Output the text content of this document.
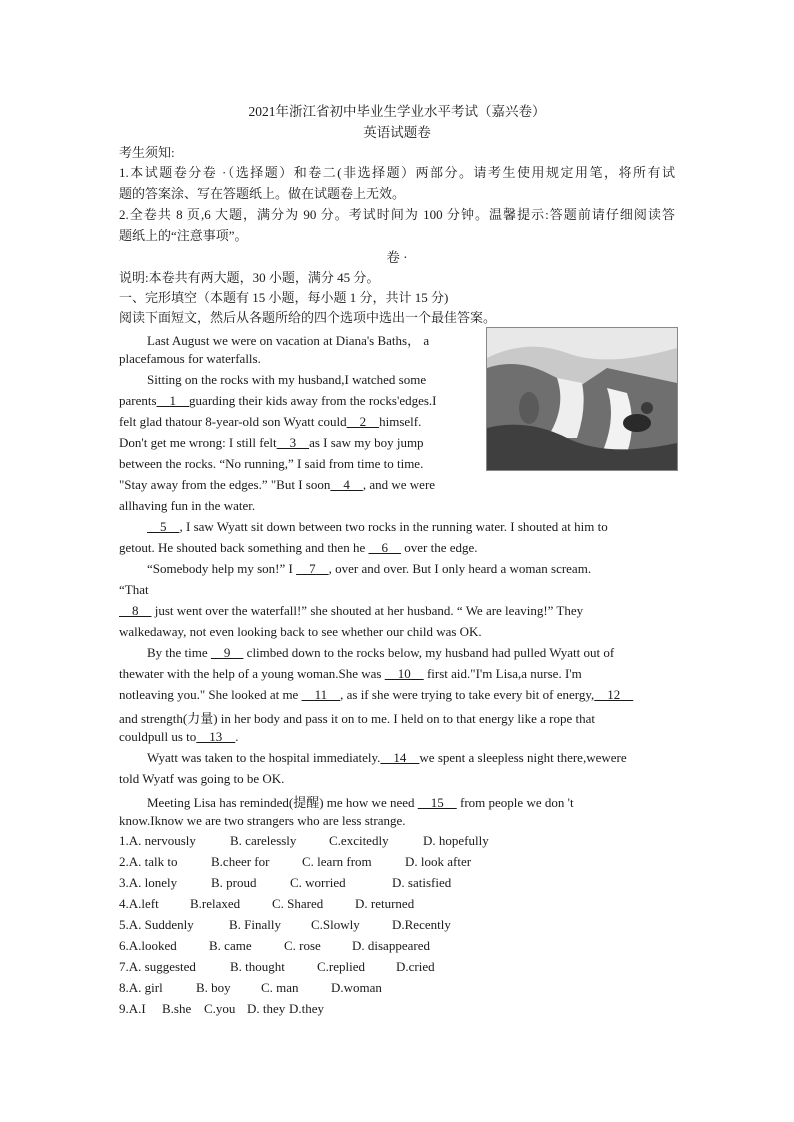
2021年浙江省初中毕业生学业水平考试（嘉兴卷）
英语试题卷
考生须知:
1.本试题卷分卷 ·（选择题）和卷二(非选择题）两部分。请考生使用规定用笔，将所有试
题的答案涂、写在答题纸上。做在试题卷上无效。
2.全卷共 8 页,6 大题，满分为 90 分。考试时间为 100 分钟。温馨提示:答题前请仔细阅读答
题纸上的“注意事项”。
卷 ·
说明:本卷共有两大题，30 小题，满分 45 分。
一、完形填空（本题有 15 小题，每小题 1 分，共计 15 分)
阅读下面短文，然后从各题所给的四个选项中选出一个最佳答案。
Last August we were on vacation at Diana's Baths， a
placefamous for waterfalls.
Sitting on the rocks with my husband,I watched some
parents    1    guarding their kids away from the rocks'edges.I
felt glad thatour 8-year-old son Wyatt could    2    himself.
Don't get me wrong: I still felt    3    as I saw my boy jump
between the rocks. “No running,” I said from time to time.
"Stay away from the edges.” "But I soon    4    , and we were
allhaving fun in the water.
5    , I saw Wyatt sit down between two rocks in the running water. I shouted at him to
getout. He shouted back something and then he     6     over the edge.
“Somebody help my son!” I     7    , over and over. But I only heard a woman scream.
“That
8     just went over the waterfall!” she shouted at her husband. “ We are leaving!” They
walkedaway, not even looking back to see whether our child was OK.
By the time     9     climbed down to the rocks below, my husband had pulled Wyatt out of
thewater with the help of a young woman.She was     10     first aid."I'm Lisa,a nurse. I'm
notleaving you." She looked at me     11    , as if she were trying to take every bit of energy,    12
and strength(力量) in her body and pass it on to me. I held on to that energy like a rope that
couldpull us to    13    .
Wyatt was taken to the hospital immediately.    14    we spent a sleepless night there,wewere
told Wyatf was going to be OK.
Meeting Lisa has reminded(提醒) me how we need     15     from people we don 't
know.Iknow we are two strangers who are less strange.
1.A. nervously	B. carelessly	C.excitedly	D. hopefully
2.A. talk to	B.cheer for	C. learn from	D. look after
3.A. lonely	B. proud	C. worried	D. satisfied
4.A.left B.relaxed C. Shared D. returned
5.A. Suddenly	B. Finally C.Slowly D.Recently
6.A.looked B. came C. rose D. disappeared
7.A. suggested	B. thought C.replied D.cried
8.A. girl	B. boy C. man D.woman
9.A.I B.she C.you D. they D.they
